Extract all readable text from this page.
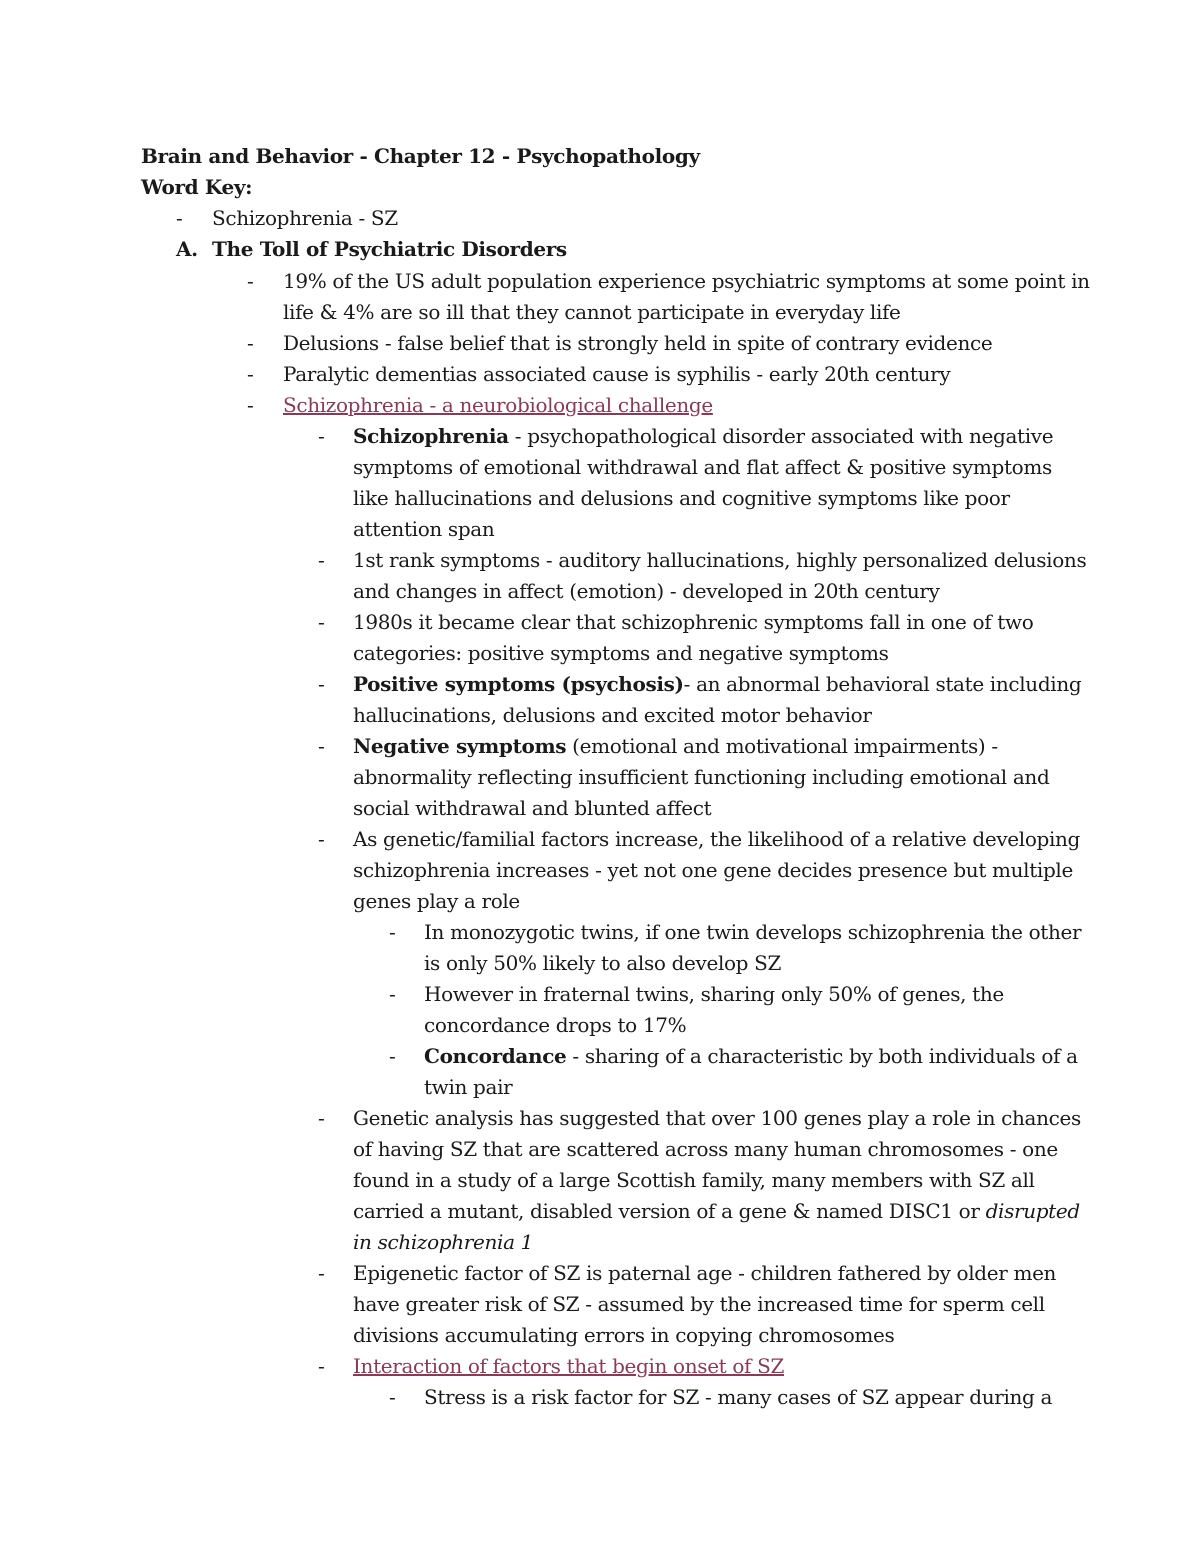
Brain and Behavior - Chapter 12 - Psychopathology
Word Key:
- Schizophrenia - SZ
A. The Toll of Psychiatric Disorders
- 19% of the US adult population experience psychiatric symptoms at some point in
life & 4% are so ill that they cannot participate in everyday life
- Delusions - false belief that is strongly held in spite of contrary evidence
- Paralytic dementias associated cause is syphilis - early 20th century
- Schizophrenia - a neurobiological challenge
- Schizophrenia - psychopathological disorder associated with negative
symptoms of emotional withdrawal and flat affect & positive symptoms
like hallucinations and delusions and cognitive symptoms like poor
attention span
- 1st rank symptoms - auditory hallucinations, highly personalized delusions
and changes in affect (emotion) - developed in 20th century
- 1980s it became clear that schizophrenic symptoms fall in one of two
categories: positive symptoms and negative symptoms
- Positive symptoms (psychosis)- an abnormal behavioral state including
hallucinations, delusions and excited motor behavior
- Negative symptoms (emotional and motivational impairments) -
abnormality reflecting insufficient functioning including emotional and
social withdrawal and blunted affect
- As genetic/familial factors increase, the likelihood of a relative developing
schizophrenia increases - yet not one gene decides presence but multiple
genes play a role
- In monozygotic twins, if one twin develops schizophrenia the other
is only 50% likely to also develop SZ
- However in fraternal twins, sharing only 50% of genes, the
concordance drops to 17%
- Concordance - sharing of a characteristic by both individuals of a
twin pair
- Genetic analysis has suggested that over 100 genes play a role in chances
of having SZ that are scattered across many human chromosomes - one
found in a study of a large Scottish family, many members with SZ all
carried a mutant, disabled version of a gene & named DISC1 or disrupted
in schizophrenia 1
- Epigenetic factor of SZ is paternal age - children fathered by older men
have greater risk of SZ - assumed by the increased time for sperm cell
divisions accumulating errors in copying chromosomes
- Interaction of factors that begin onset of SZ
- Stress is a risk factor for SZ - many cases of SZ appear during a
